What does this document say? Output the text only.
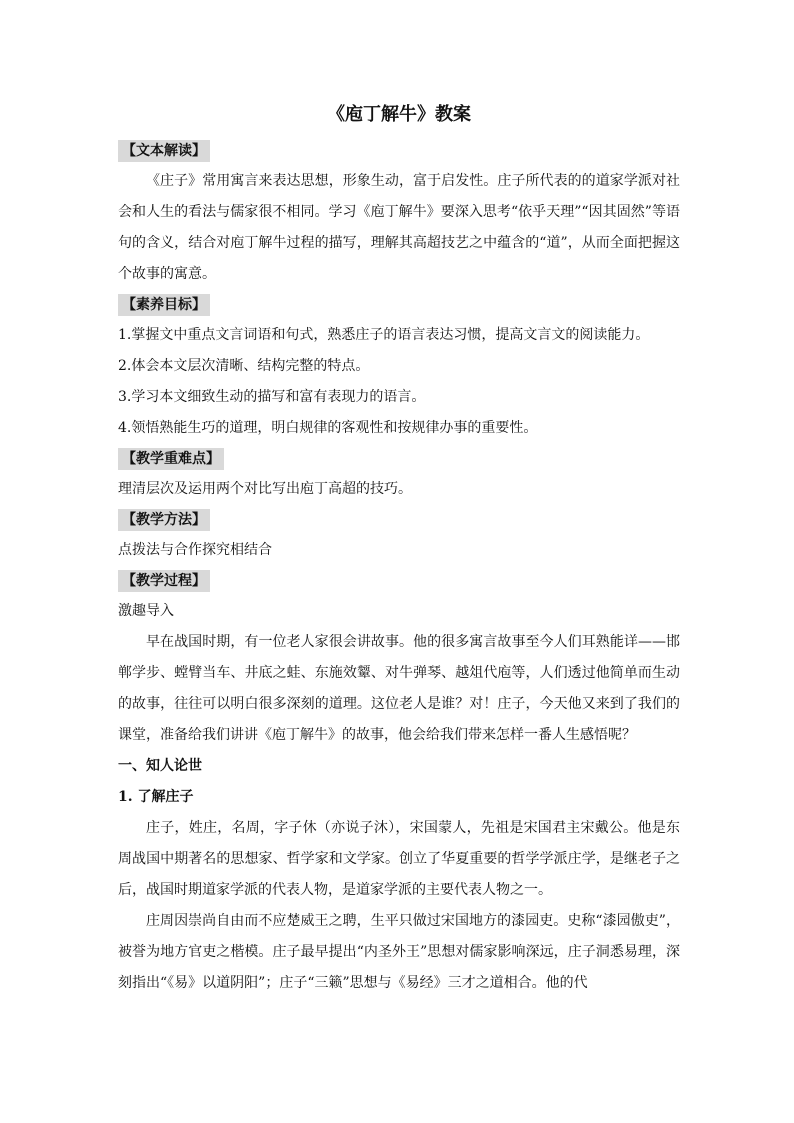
《庖丁解牛》教案
【文本解读】

《庄子》常用寓言来表达思想，形象生动，富于启发性。庄子所代表的的道家学派对社会和人生的看法与儒家很不相同。学习《庖丁解牛》要深入思考“依乎天理”“因其固然”等语句的含义，结合对庖丁解牛过程的描写，理解其高超技艺之中蕴含的“道”，从而全面把握这个故事的寓意。

【素养目标】

1.掌握文中重点文言词语和句式，熟悉庄子的语言表达习惯，提高文言文的阅读能力。

2.体会本文层次清晰、结构完整的特点。

3.学习本文细致生动的描写和富有表现力的语言。

4.领悟熟能生巧的道理，明白规律的客观性和按规律办事的重要性。

【教学重难点】

理清层次及运用两个对比写出庖丁高超的技巧。

【教学方法】

点拨法与合作探究相结合

【教学过程】

激趣导入

早在战国时期，有一位老人家很会讲故事。他的很多寓言故事至今人们耳熟能详——邯郸学步、螳臂当车、井底之蛙、东施效颦、对牛弹琴、越俎代庖等，人们透过他简单而生动的故事，往往可以明白很多深刻的道理。这位老人是谁？对！庄子，今天他又来到了我们的课堂，准备给我们讲讲《庖丁解牛》的故事，他会给我们带来怎样一番人生感悟呢？

一、知人论世

1. 了解庄子

庄子，姓庄，名周，字子休（亦说子沐），宋国蒙人，先祖是宋国君主宋戴公。他是东周战国中期著名的思想家、哲学家和文学家。创立了华夏重要的哲学学派庄学，是继老子之后，战国时期道家学派的代表人物，是道家学派的主要代表人物之一。

庄周因崇尚自由而不应楚威王之聘，生平只做过宋国地方的漆园吏。史称“漆园傲吏”，被誉为地方官吏之楷模。庄子最早提出“内圣外王”思想对儒家影响深远，庄子洞悉易理，深刻指出“《易》以道阴阳”；庄子“三籁”思想与《易经》三才之道相合。他的代
